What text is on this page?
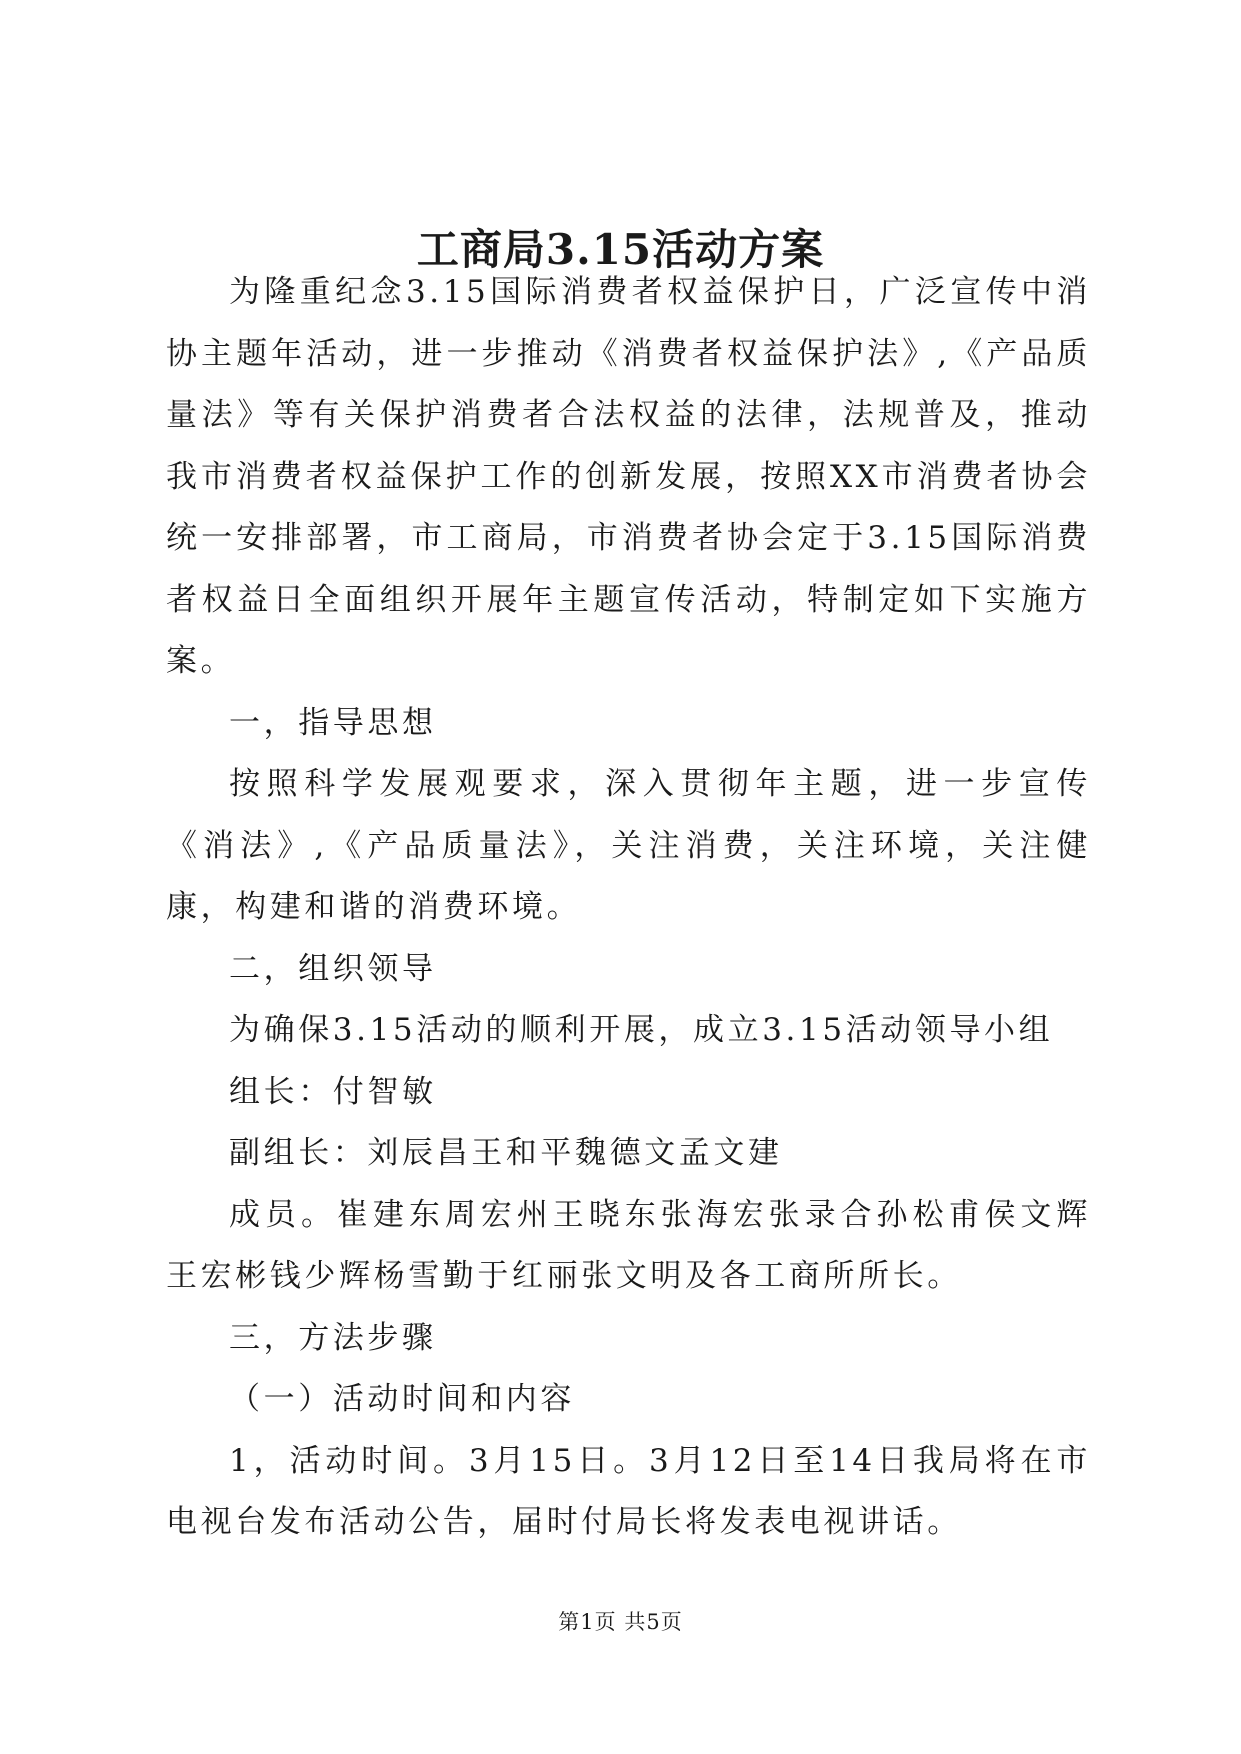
工商局3.15活动方案

为隆重纪念3.15国际消费者权益保护日，广泛宣传中消协主题年活动，进一步推动《消费者权益保护法》,《产品质量法》等有关保护消费者合法权益的法律，法规普及，推动我市消费者权益保护工作的创新发展，按照XX市消费者协会统一安排部署，市工商局，市消费者协会定于3.15国际消费者权益日全面组织开展年主题宣传活动，特制定如下实施方案。

一，指导思想

按照科学发展观要求，深入贯彻年主题，进一步宣传《消法》,《产品质量法》，关注消费，关注环境，关注健康，构建和谐的消费环境。

二，组织领导

为确保3.15活动的顺利开展，成立3.15活动领导小组

组长：付智敏

副组长：刘辰昌王和平魏德文孟文建

成员。崔建东周宏州王晓东张海宏张录合孙松甫侯文辉王宏彬钱少辉杨雪勤于红丽张文明及各工商所所长。

三，方法步骤

（一）活动时间和内容

1，活动时间。3月15日。3月12日至14日我局将在市电视台发布活动公告，届时付局长将发表电视讲话。

第1页 共5页
